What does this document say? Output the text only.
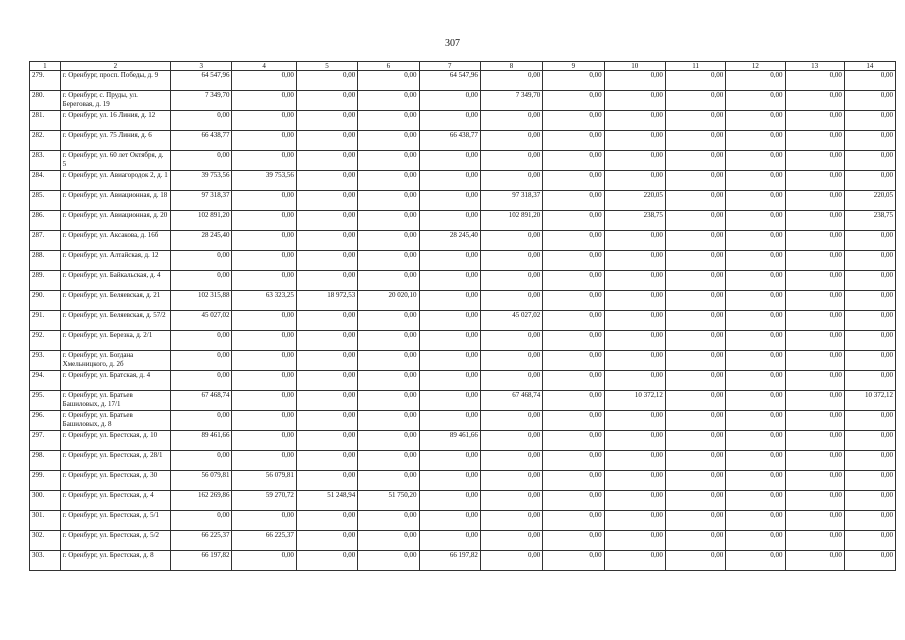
307
1	2	3	4	5	6	7	8	9	10	11	12	13	14
279.	г. Оренбург, просп. Победы, д. 9	64 547,96	0,00	0,00	0,00	64 547,96	0,00	0,00	0,00	0,00	0,00	0,00	0,00
280.	г. Оренбург, с. Пруды, ул. Береговая, д. 19	7 349,70	0,00	0,00	0,00	0,00	7 349,70	0,00	0,00	0,00	0,00	0,00	0,00
281.	г. Оренбург, ул. 16 Линия, д. 12	0,00	0,00	0,00	0,00	0,00	0,00	0,00	0,00	0,00	0,00	0,00	0,00
282.	г. Оренбург, ул. 75 Линия, д. 6	66 438,77	0,00	0,00	0,00	66 438,77	0,00	0,00	0,00	0,00	0,00	0,00	0,00
283.	г. Оренбург, ул. 60 лет Октября, д. 5	0,00	0,00	0,00	0,00	0,00	0,00	0,00	0,00	0,00	0,00	0,00	0,00
284.	г. Оренбург, ул. Авиагородок 2, д. 1	39 753,56	39 753,56	0,00	0,00	0,00	0,00	0,00	0,00	0,00	0,00	0,00	0,00
285.	г. Оренбург, ул. Авиационная, д. 18	97 318,37	0,00	0,00	0,00	0,00	97 318,37	0,00	220,05	0,00	0,00	0,00	220,05
286.	г. Оренбург, ул. Авиационная, д. 20	102 891,20	0,00	0,00	0,00	0,00	102 891,20	0,00	238,75	0,00	0,00	0,00	238,75
287.	г. Оренбург, ул. Аксакова, д. 16б	28 245,40	0,00	0,00	0,00	28 245,40	0,00	0,00	0,00	0,00	0,00	0,00	0,00
288.	г. Оренбург, ул. Алтайская, д. 12	0,00	0,00	0,00	0,00	0,00	0,00	0,00	0,00	0,00	0,00	0,00	0,00
289.	г. Оренбург, ул. Байкальская, д. 4	0,00	0,00	0,00	0,00	0,00	0,00	0,00	0,00	0,00	0,00	0,00	0,00
290.	г. Оренбург, ул. Беляевская, д. 21	102 315,88	63 323,25	18 972,53	20 020,10	0,00	0,00	0,00	0,00	0,00	0,00	0,00	0,00
291.	г. Оренбург, ул. Беляевская, д. 57/2	45 027,02	0,00	0,00	0,00	0,00	45 027,02	0,00	0,00	0,00	0,00	0,00	0,00
292.	г. Оренбург, ул. Березка, д. 2/1	0,00	0,00	0,00	0,00	0,00	0,00	0,00	0,00	0,00	0,00	0,00	0,00
293.	г. Оренбург, ул. Богдана Хмельницкого, д. 2б	0,00	0,00	0,00	0,00	0,00	0,00	0,00	0,00	0,00	0,00	0,00	0,00
294.	г. Оренбург, ул. Братская, д. 4	0,00	0,00	0,00	0,00	0,00	0,00	0,00	0,00	0,00	0,00	0,00	0,00
295.	г. Оренбург, ул. Братьев Башиловых, д. 17/1	67 468,74	0,00	0,00	0,00	0,00	67 468,74	0,00	10 372,12	0,00	0,00	0,00	10 372,12
296.	г. Оренбург, ул. Братьев Башиловых, д. 8	0,00	0,00	0,00	0,00	0,00	0,00	0,00	0,00	0,00	0,00	0,00	0,00
297.	г. Оренбург, ул. Брестская, д. 10	89 461,66	0,00	0,00	0,00	89 461,66	0,00	0,00	0,00	0,00	0,00	0,00	0,00
298.	г. Оренбург, ул. Брестская, д. 28/1	0,00	0,00	0,00	0,00	0,00	0,00	0,00	0,00	0,00	0,00	0,00	0,00
299.	г. Оренбург, ул. Брестская, д. 30	56 079,81	56 079,81	0,00	0,00	0,00	0,00	0,00	0,00	0,00	0,00	0,00	0,00
300.	г. Оренбург, ул. Брестская, д. 4	162 269,86	59 270,72	51 248,94	51 750,20	0,00	0,00	0,00	0,00	0,00	0,00	0,00	0,00
301.	г. Оренбург, ул. Брестская, д. 5/1	0,00	0,00	0,00	0,00	0,00	0,00	0,00	0,00	0,00	0,00	0,00	0,00
302.	г. Оренбург, ул. Брестская, д. 5/2	66 225,37	66 225,37	0,00	0,00	0,00	0,00	0,00	0,00	0,00	0,00	0,00	0,00
303.	г. Оренбург, ул. Брестская, д. 8	66 197,82	0,00	0,00	0,00	66 197,82	0,00	0,00	0,00	0,00	0,00	0,00	0,00
